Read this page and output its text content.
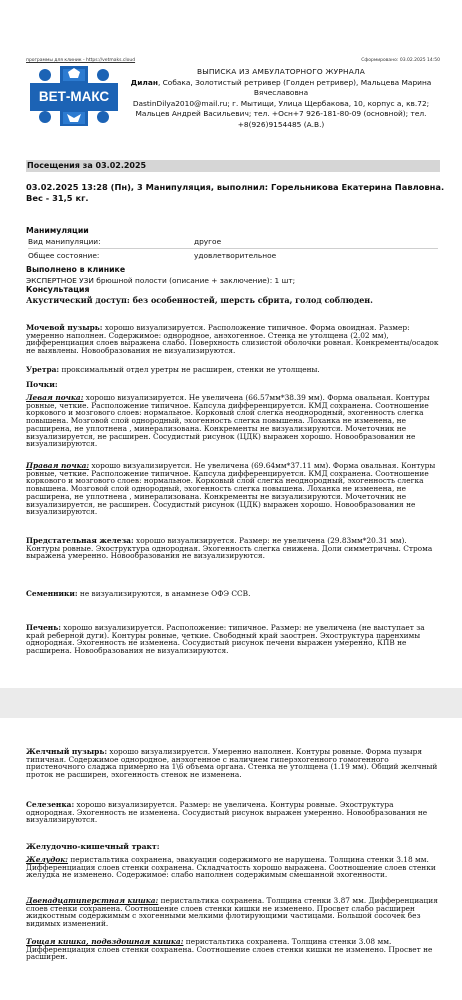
программы для клиник - https://vetmaks.cloud	Сформировано: 03.02.2025 14:50
ВЕТ-МАКС
ВЫПИСКА ИЗ АМБУЛАТОРНОГО ЖУРНАЛА
Дилан, Собака, Золотистый ретривер (Голден ретривер), Мальцева Марина Вячеславовна
DastinDilya2010@mail.ru; г. Мытищи, Улица Щербакова, 10, корпус а, кв.72; Мальцев Андрей Васильевич; тел. +Осн+7 926-181-80-09 (основной); тел. +8(926)9154485 (А.В.)
Посещения за 03.02.2025
03.02.2025 13:28 (Пн), 3 Манипуляция, выполнил: Горельникова Екатерина Павловна.
Вес - 31,5 кг.
Манимуляции
Вид манипуляции:	другое
Общее состояние:	удовлетворительное
Выполнено в клинике
ЭКСПЕРТНОЕ УЗИ брюшной полости (описание + заключение): 1 шт;
Консультация
Акустический доступ: без особенностей, шерсть сбрита, голод соблюден.
Мочевой пузырь: хорошо визуализируется. Расположение типичное. Форма овоидная. Размер: умеренно наполнен. Содержимое: однородное, анэхогенное. Стенка не утолщена (2.02 мм), дифференциация слоев выражена слабо. Поверхность слизистой оболочки ровная. Конкременты/осадок не выявлены. Новообразования не визуализируются.
Уретра: проксимальный отдел уретры не расширен, стенки не утолщены.
Почки:
Левая почка: хорошо визуализируется. Не увеличена (66.57мм*38.39 мм). Форма овальная. Контуры ровные, четкие. Расположение типичное. Капсула дифференцируется. КМД сохранена. Соотношение коркового и мозгового слоев: нормальное. Корковый слой слегка неоднородный, эхогенность слегка повышена. Мозговой слой однородный, эхогенность слегка повышена. Лоханка не изменена, не расширена, не уплотнена , минерализована. Конкременты не визуализируются. Мочеточник не визуализируется, не расширен. Сосудистый рисунок (ЦДК) выражен хорошо. Новообразования не визуализируются.
Правая почка: хорошо визуализируется. Не увеличена (69.64мм*37.11 мм). Форма овальная. Контуры ровные, четкие. Расположение типичное. Капсула дифференцируется. КМД сохранена. Соотношение коркового и мозгового слоев: нормальное. Корковый слой слегка неоднородный, эхогенность слегка повышена. Мозговой слой однородный, эхогенность слегка повышена. Лоханка не изменена, не расширена, не уплотнена , минерализована. Конкременты не визуализируются. Мочеточник не визуализируется, не расширен. Сосудистый рисунок (ЦДК) выражен хорошо. Новообразования не визуализируются.
Предстательная железа: хорошо визуализируется. Размер: не увеличена (29.83мм*20.31 мм). Контуры ровные. Эхоструктура однородная. Эхогенность слегка снижена. Доли симметричны. Строма выражена умеренно. Новообразования не визуализируются.
Семенники: не визуализируются, в анамнезе ОФЭ ССВ.
Печень: хорошо визуализируется. Расположение: типичное. Размер: не увеличена (не выступает за край реберной дуги). Контуры ровные, четкие. Свободный край заострен. Эхоструктура паренхимы однородная. Эхогенность не изменена. Сосудистый рисунок печени выражен умеренно, КПВ не расширена. Новообразования не визуализируются.
Желчный пузырь: хорошо визуализируется. Умеренно наполнен. Контуры ровные. Форма пузыря типичная. Содержимое однородное, анэхогенное с наличием гиперэхогенного гомогенного пристеночного сладжа примерно на 1\6 объема органа. Стенка не утолщена (1.19 мм). Общий желчный проток не расширен, эхогенность стенок не изменена.
Селезенка: хорошо визуализируется. Размер: не увеличена. Контуры ровные. Эхоструктура однородная. Эхогенность не изменена. Сосудистый рисунок выражен умеренно. Новообразования не визуализируются.
Желудочно-кишечный тракт:
Желудок: перистальтика сохранена, эвакуация содержимого не нарушена. Толщина стенки 3.18 мм. Дифференциация слоев стенки сохранена. Складчатость хорошо выражена. Соотношение слоев стенки желудка не изменено. Содержимое: слабо наполнен содержимым смешанной эхогенности.
Двенадцатиперстная кишка: перистальтика сохранена. Толщина стенки 3.87 мм. Дифференциация слоев стенки сохранена. Соотношение слоев стенки кишки не изменено. Просвет слабо расширен жидкостным содержимым с эхогенными мелкими флотирующими частицами. Большой сосочек без видимых изменений.
Тощая кишка, подвздошная кишка: перистальтика сохранена. Толщина стенки 3.08 мм. Дифференциация слоев стенки сохранена. Соотношение слоев стенки кишки не изменено. Просвет не расширен.
